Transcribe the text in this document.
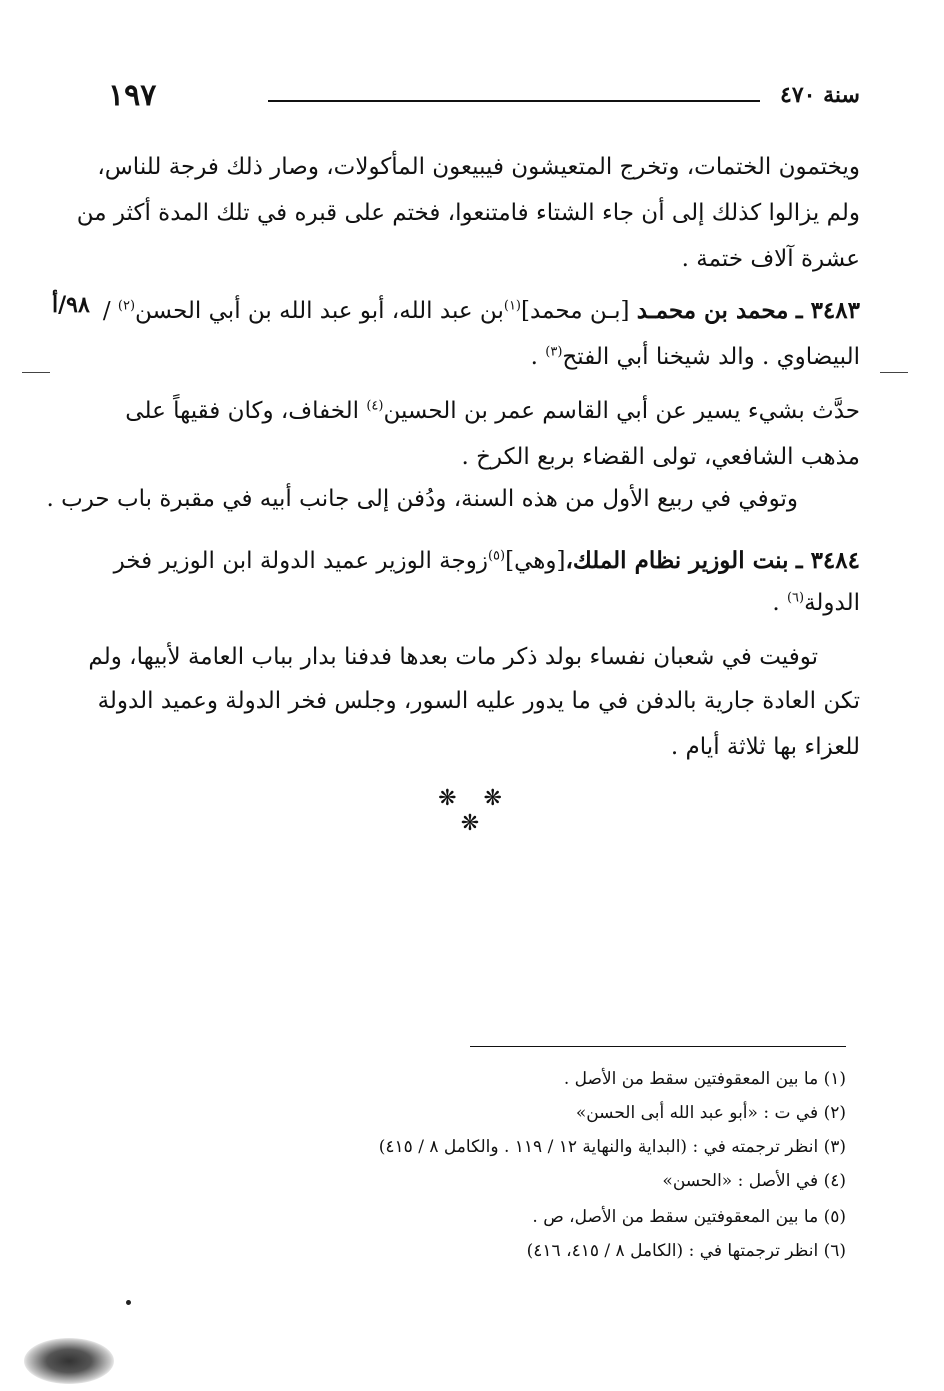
١٩٧	سنة ٤٧٠
ويختمون الختمات، وتخرج المتعيشون فيبيعون المأكولات، وصار ذلك فرجة للناس،
ولم يزالوا كذلك إلى أن جاء الشتاء فامتنعوا، فختم على قبره في تلك المدة أكثر من
عشرة آلاف ختمة .
٩٨/أ	٣٤٨٣ ـ محمد بن محمـد [بـن محمد]$^{(١)}$بن عبد الله، أبو عبد الله بن أبي الحسن$^{(٢)}$ /
البيضاوي . والد شيخنا أبي الفتح$^{(٣)}$ .
حدَّث بشيء يسير عن أبي القاسم عمر بن الحسين$^{(٤)}$ الخفاف، وكان فقيهاً على
مذهب الشافعي، تولى القضاء بربع الكرخ .
وتوفي في ربيع الأول من هذه السنة، ودُفن إلى جانب أبيه في مقبرة باب حرب .
٣٤٨٤ ـ بنت الوزير نظام الملك،[وهي]$^{(٥)}$زوجة الوزير عميد الدولة ابن الوزير فخر
الدولة$^{(٦)}$ .
توفيت في شعبان نفساء بولد ذكر مات بعدها فدفنا بدار بباب العامة لأبيها، ولم
تكن العادة جارية بالدفن في ما يدور عليه السور، وجلس فخر الدولة وعميد الدولة
للعزاء بها ثلاثة أيام .
❋ ❋ ❋
(١) ما بين المعقوفتين سقط من الأصل .
(٢) في ت : «أبو عبد الله أبى الحسن»
(٣) انظر ترجمته في : (البداية والنهاية ١٢ / ١١٩ . والكامل ٨ / ٤١٥)
(٤) في الأصل : «الحسن»
(٥) ما بين المعقوفتين سقط من الأصل، ص .
(٦) انظر ترجمتها في : (الكامل ٨ / ٤١٥، ٤١٦)
